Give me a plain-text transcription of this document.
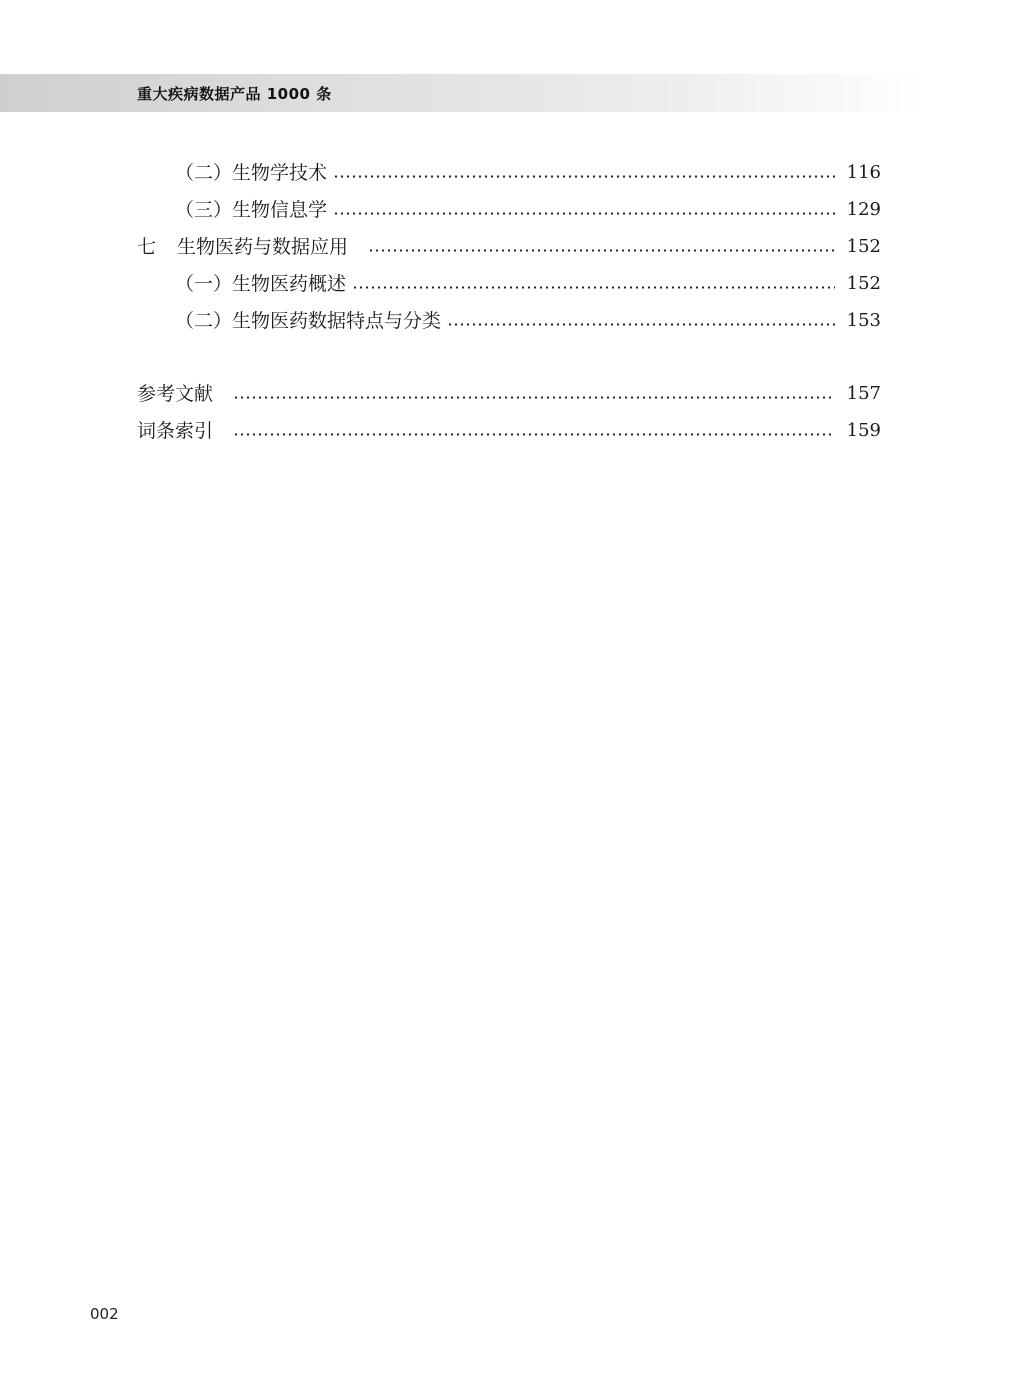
重大疾病数据产品 1000 条
（二） 生物学技术	116
（三） 生物信息学	129
七	生物医药与数据应用	152
（一） 生物医药概述	152
（二） 生物医药数据特点与分类	153
参考文献	157
词条索引	159
002
